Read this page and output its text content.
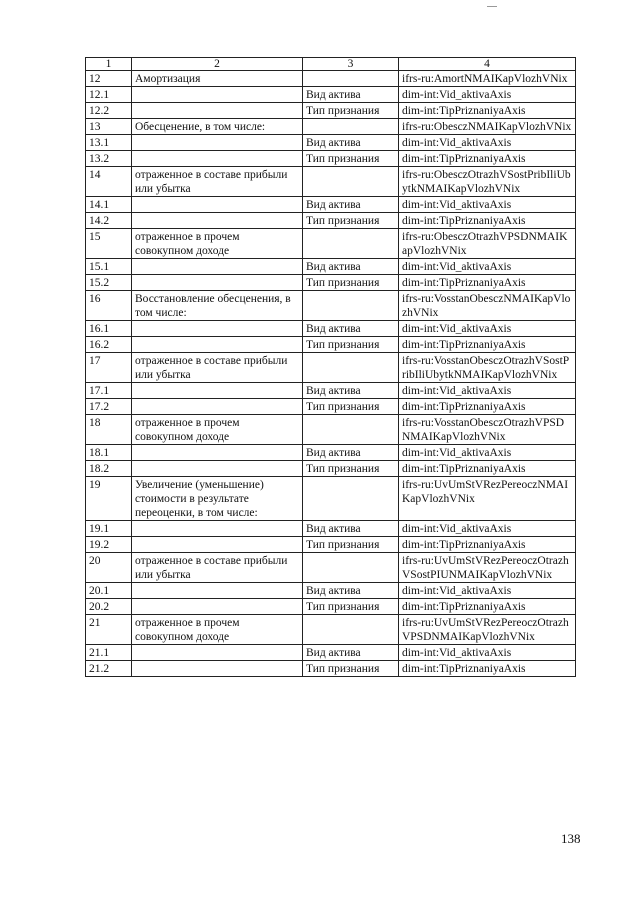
1	2	3	4
12	Амортизация		ifrs-ru:AmortNMAIKapVlozhVNix
12.1		Вид актива	dim-int:Vid_aktivaAxis
12.2		Тип признания	dim-int:TipPriznaniyaAxis
13	Обесценение, в том числе:		ifrs-ru:ObesczNMAIKapVlozhVNix
13.1		Вид актива	dim-int:Vid_aktivaAxis
13.2		Тип признания	dim-int:TipPriznaniyaAxis
14	отраженное в составе прибыли или убытка		ifrs-ru:ObesczOtrazhVSostPribIliUbytkNMAIKapVlozhVNix
14.1		Вид актива	dim-int:Vid_aktivaAxis
14.2		Тип признания	dim-int:TipPriznaniyaAxis
15	отраженное в прочем совокупном доходе		ifrs-ru:ObesczOtrazhVPSDNMAIKapVlozhVNix
15.1		Вид актива	dim-int:Vid_aktivaAxis
15.2		Тип признания	dim-int:TipPriznaniyaAxis
16	Восстановление обесценения, в том числе:		ifrs-ru:VosstanObesczNMAIKapVlozhVNix
16.1		Вид актива	dim-int:Vid_aktivaAxis
16.2		Тип признания	dim-int:TipPriznaniyaAxis
17	отраженное в составе прибыли или убытка		ifrs-ru:VosstanObesczOtrazhVSostPribIliUbytkNMAIKapVlozhVNix
17.1		Вид актива	dim-int:Vid_aktivaAxis
17.2		Тип признания	dim-int:TipPriznaniyaAxis
18	отраженное в прочем совокупном доходе		ifrs-ru:VosstanObesczOtrazhVPSDNMAIKapVlozhVNix
18.1		Вид актива	dim-int:Vid_aktivaAxis
18.2		Тип признания	dim-int:TipPriznaniyaAxis
19	Увеличение (уменьшение) стоимости в результате переоценки, в том числе:		ifrs-ru:UvUmStVRezPereoczNMAIKapVlozhVNix
19.1		Вид актива	dim-int:Vid_aktivaAxis
19.2		Тип признания	dim-int:TipPriznaniyaAxis
20	отраженное в составе прибыли или убытка		ifrs-ru:UvUmStVRezPereoczOtrazhVSostPIUNMAIKapVlozhVNix
20.1		Вид актива	dim-int:Vid_aktivaAxis
20.2		Тип признания	dim-int:TipPriznaniyaAxis
21	отраженное в прочем совокупном доходе		ifrs-ru:UvUmStVRezPereoczOtrazhVPSDNMAIKapVlozhVNix
21.1		Вид актива	dim-int:Vid_aktivaAxis
21.2		Тип признания	dim-int:TipPriznaniyaAxis
138
